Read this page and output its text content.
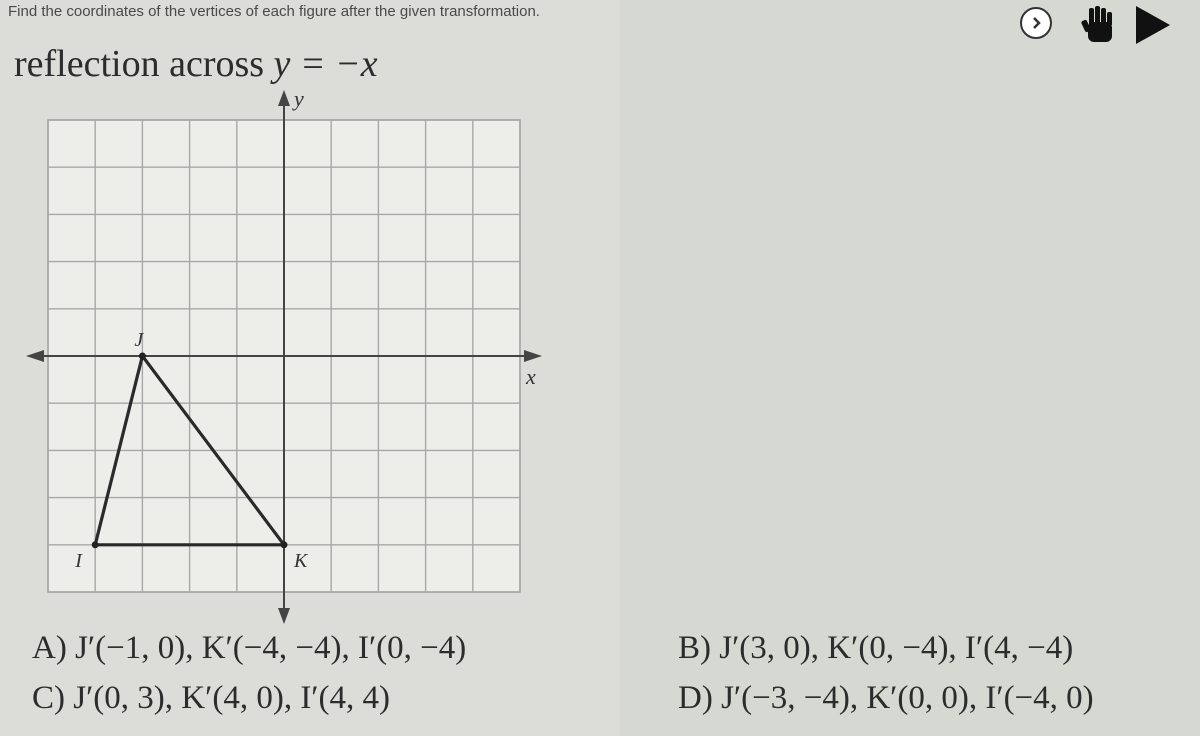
Find the coordinates of the vertices of each figure after the given transformation.
reflection across y = −x
x
y
J
K
I
A) J′(−1, 0), K′(−4, −4), I′(0, −4)	B) J′(3, 0), K′(0, −4), I′(4, −4)
C) J′(0, 3), K′(4, 0), I′(4, 4)	D) J′(−3, −4), K′(0, 0), I′(−4, 0)
